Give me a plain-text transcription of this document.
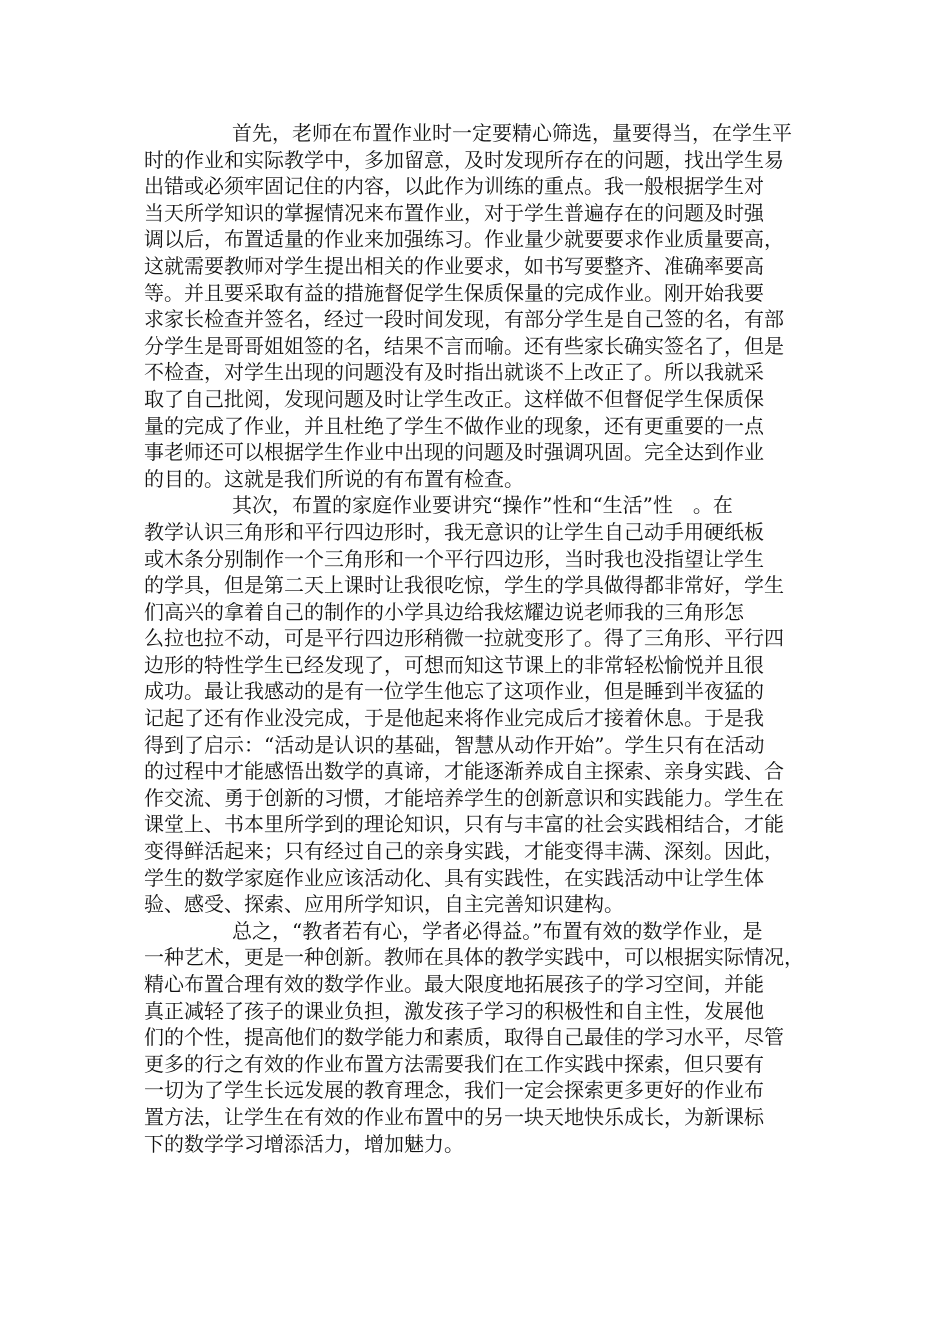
首先，老师在布置作业时一定要精心筛选，量要得当，在学生平
时的作业和实际教学中，多加留意，及时发现所存在的问题，找出学生易
出错或必须牢固记住的内容，以此作为训练的重点。我一般根据学生对
当天所学知识的掌握情况来布置作业，对于学生普遍存在的问题及时强
调以后，布置适量的作业来加强练习。作业量少就要要求作业质量要高，
这就需要教师对学生提出相关的作业要求，如书写要整齐、准确率要高
等。并且要采取有益的措施督促学生保质保量的完成作业。刚开始我要
求家长检查并签名，经过一段时间发现，有部分学生是自己签的名，有部
分学生是哥哥姐姐签的名，结果不言而喻。还有些家长确实签名了，但是
不检查，对学生出现的问题没有及时指出就谈不上改正了。所以我就采
取了自己批阅，发现问题及时让学生改正。这样做不但督促学生保质保
量的完成了作业，并且杜绝了学生不做作业的现象，还有更重要的一点
事老师还可以根据学生作业中出现的问题及时强调巩固。完全达到作业
的目的。这就是我们所说的有布置有检查。
其次，布置的家庭作业要讲究“操作”性和“生活”性　。在
教学认识三角形和平行四边形时，我无意识的让学生自己动手用硬纸板
或木条分别制作一个三角形和一个平行四边形，当时我也没指望让学生
的学具，但是第二天上课时让我很吃惊，学生的学具做得都非常好，学生
们高兴的拿着自己的制作的小学具边给我炫耀边说老师我的三角形怎
么拉也拉不动，可是平行四边形稍微一拉就变形了。得了三角形、平行四
边形的特性学生已经发现了，可想而知这节课上的非常轻松愉悦并且很
成功。最让我感动的是有一位学生他忘了这项作业，但是睡到半夜猛的
记起了还有作业没完成，于是他起来将作业完成后才接着休息。于是我
得到了启示：“活动是认识的基础，智慧从动作开始”。学生只有在活动
的过程中才能感悟出数学的真谛，才能逐渐养成自主探索、亲身实践、合
作交流、勇于创新的习惯，才能培养学生的创新意识和实践能力。学生在
课堂上、书本里所学到的理论知识，只有与丰富的社会实践相结合，才能
变得鲜活起来；只有经过自己的亲身实践，才能变得丰满、深刻。因此，
学生的数学家庭作业应该活动化、具有实践性，在实践活动中让学生体
验、感受、探索、应用所学知识，自主完善知识建构。
总之，“教者若有心，学者必得益。”布置有效的数学作业，是
一种艺术，更是一种创新。教师在具体的教学实践中，可以根据实际情况，
精心布置合理有效的数学作业。最大限度地拓展孩子的学习空间，并能
真正减轻了孩子的课业负担，激发孩子学习的积极性和自主性，发展他
们的个性，提高他们的数学能力和素质，取得自己最佳的学习水平，尽管
更多的行之有效的作业布置方法需要我们在工作实践中探索，但只要有
一切为了学生长远发展的教育理念，我们一定会探索更多更好的作业布
置方法，让学生在有效的作业布置中的另一块天地快乐成长，为新课标
下的数学学习增添活力，增加魅力。
